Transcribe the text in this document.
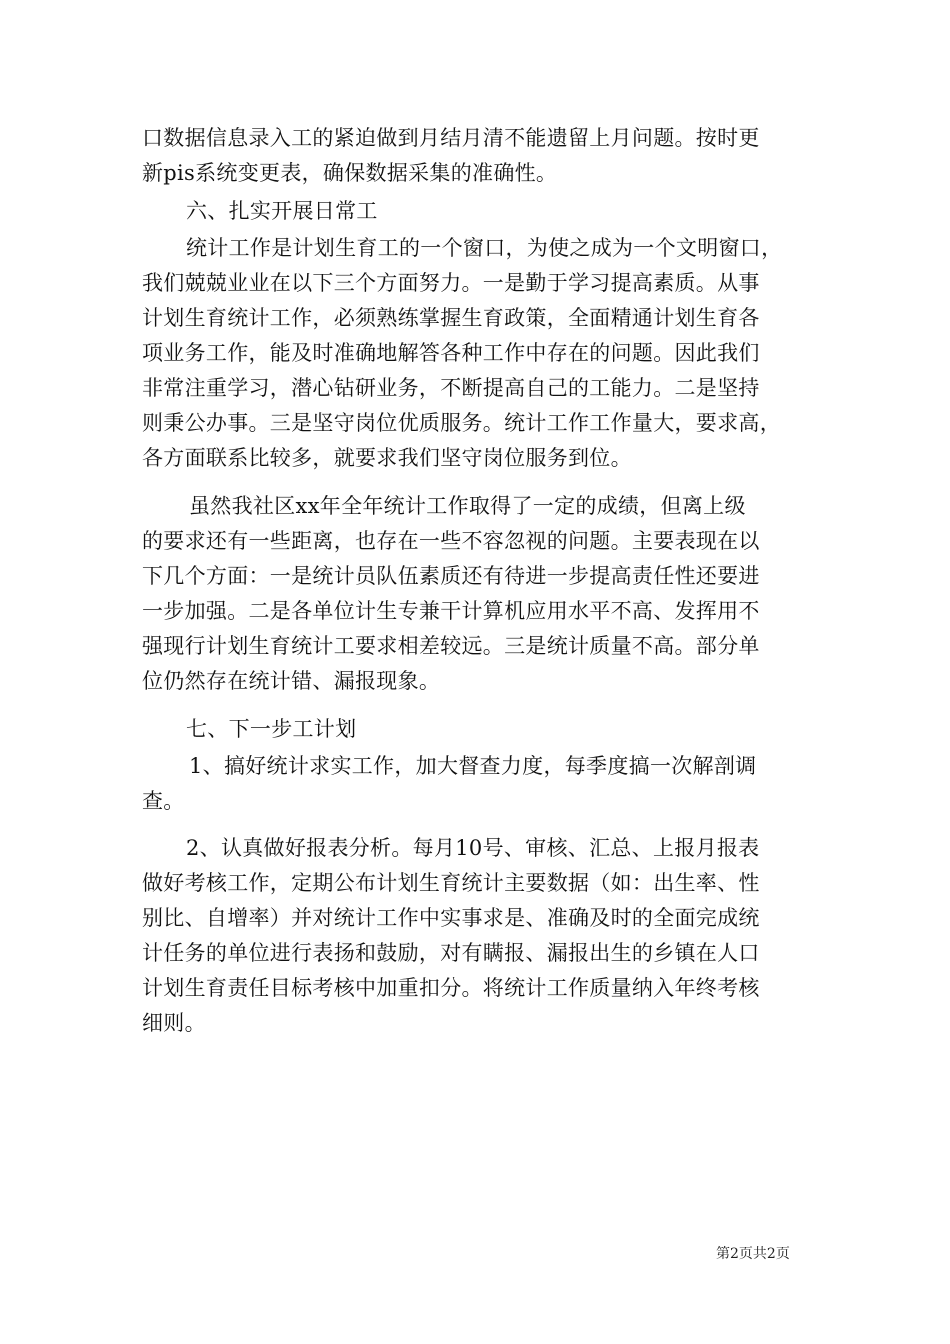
口数据信息录入工的紧迫做到月结月清不能遗留上月问题。按时更
新pis系统变更表，确保数据采集的准确性。
六、扎实开展日常工
统计工作是计划生育工的一个窗口，为使之成为一个文明窗口，
我们兢兢业业在以下三个方面努力。一是勤于学习提高素质。从事
计划生育统计工作，必须熟练掌握生育政策，全面精通计划生育各
项业务工作，能及时准确地解答各种工作中存在的问题。因此我们
非常注重学习，潜心钻研业务，不断提高自己的工能力。二是坚持
则秉公办事。三是坚守岗位优质服务。统计工作工作量大，要求高，
各方面联系比较多，就要求我们坚守岗位服务到位。
虽然我社区xx年全年统计工作取得了一定的成绩，但离上级
的要求还有一些距离，也存在一些不容忽视的问题。主要表现在以
下几个方面：一是统计员队伍素质还有待进一步提高责任性还要进
一步加强。二是各单位计生专兼干计算机应用水平不高、发挥用不
强现行计划生育统计工要求相差较远。三是统计质量不高。部分单
位仍然存在统计错、漏报现象。
七、下一步工计划
1、搞好统计求实工作，加大督查力度，每季度搞一次解剖调
查。
2、认真做好报表分析。每月10号、审核、汇总、上报月报表
做好考核工作，定期公布计划生育统计主要数据（如：出生率、性
别比、自增率）并对统计工作中实事求是、准确及时的全面完成统
计任务的单位进行表扬和鼓励，对有瞒报、漏报出生的乡镇在人口
计划生育责任目标考核中加重扣分。将统计工作质量纳入年终考核
细则。
第2页共2页
